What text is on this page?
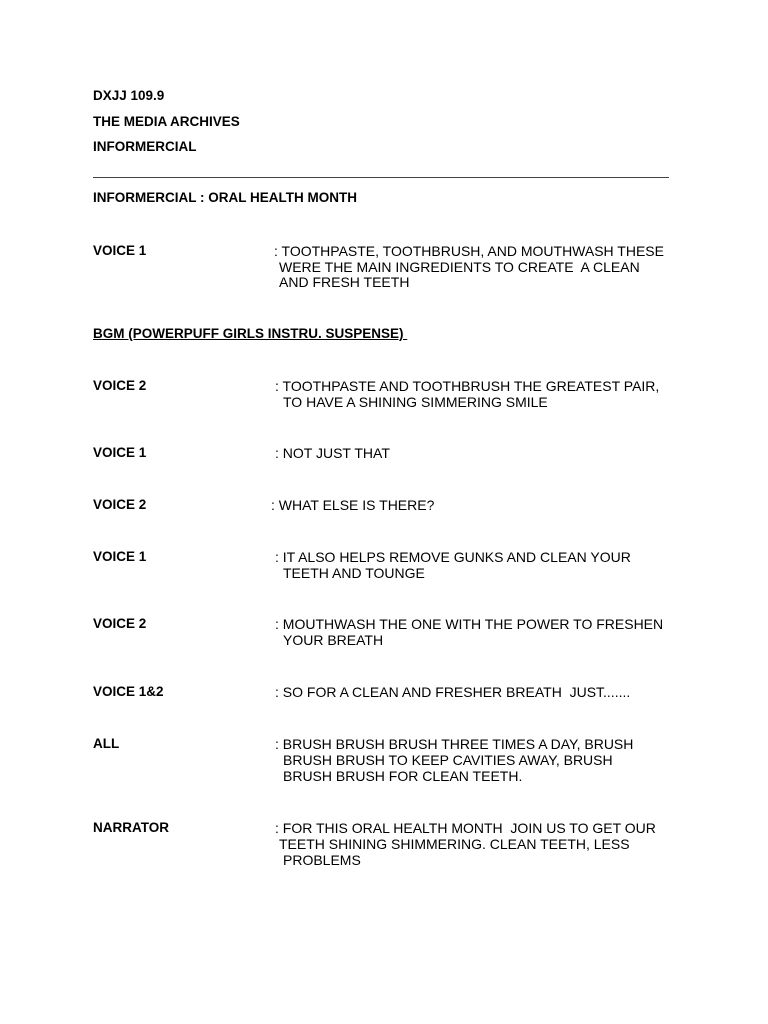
DXJJ 109.9
THE MEDIA ARCHIVES
INFORMERCIAL
INFORMERCIAL : ORAL HEALTH MONTH
BGM (POWERPUFF GIRLS INSTRU. SUSPENSE)
VOICE 1	: TOOTHPASTE, TOOTHBRUSH, AND MOUTHWASH THESE
WERE THE MAIN INGREDIENTS TO CREATE  A CLEAN
AND FRESH TEETH
VOICE 2	: TOOTHPASTE AND TOOTHBRUSH THE GREATEST PAIR,
TO HAVE A SHINING SIMMERING SMILE
VOICE 1	: NOT JUST THAT
VOICE 2	: WHAT ELSE IS THERE?
VOICE 1	: IT ALSO HELPS REMOVE GUNKS AND CLEAN YOUR
TEETH AND TOUNGE
VOICE 2	: MOUTHWASH THE ONE WITH THE POWER TO FRESHEN
YOUR BREATH
VOICE 1&2	: SO FOR A CLEAN AND FRESHER BREATH  JUST.......
ALL	: BRUSH BRUSH BRUSH THREE TIMES A DAY, BRUSH
BRUSH BRUSH TO KEEP CAVITIES AWAY, BRUSH
BRUSH BRUSH FOR CLEAN TEETH.
NARRATOR	: FOR THIS ORAL HEALTH MONTH  JOIN US TO GET OUR
TEETH SHINING SHIMMERING. CLEAN TEETH, LESS
PROBLEMS
